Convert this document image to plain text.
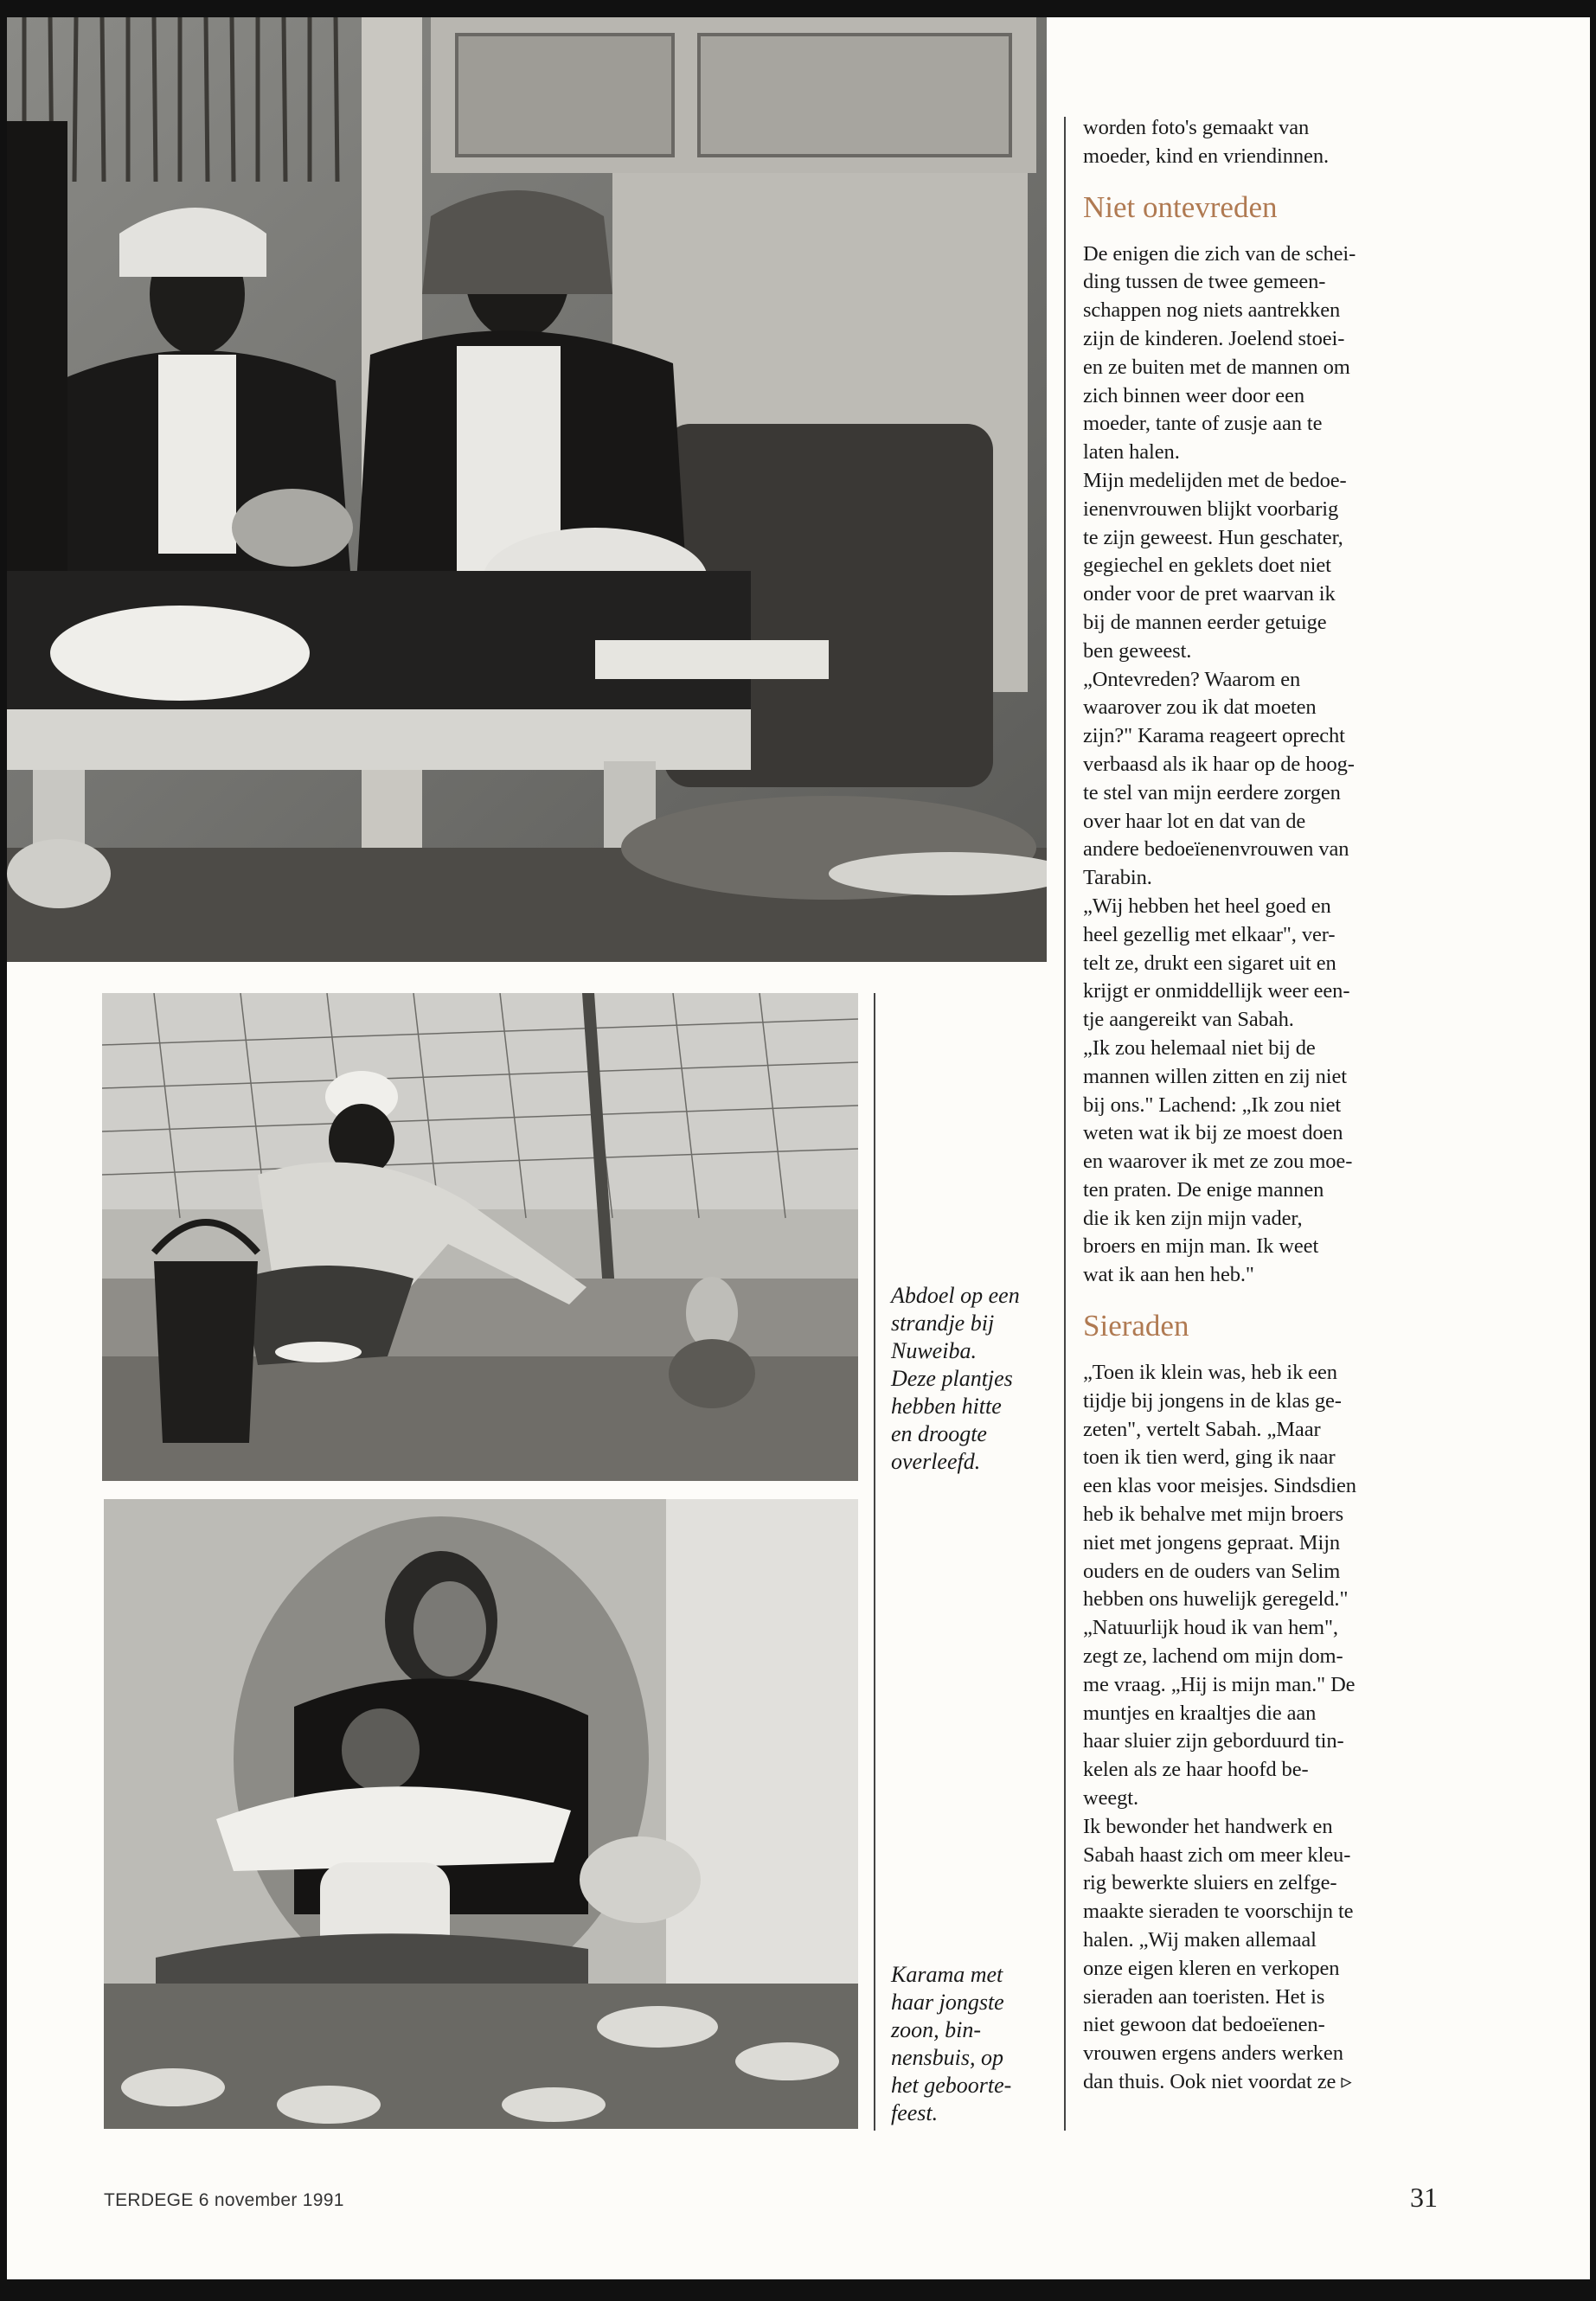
Abdoel op een
strandje bij
Nuweiba.
Deze plantjes
hebben hitte
en droogte
overleefd.
Karama met
haar jongste
zoon, bin-
nensbuis, op
het geboorte-
feest.
worden foto's gemaakt van
moeder, kind en vriendinnen.
Niet ontevreden
De enigen die zich van de schei-
ding tussen de twee gemeen-
schappen nog niets aantrekken
zijn de kinderen. Joelend stoei-
en ze buiten met de mannen om
zich binnen weer door een
moeder, tante of zusje aan te
laten halen.
Mijn medelijden met de bedoe-
ienenvrouwen blijkt voorbarig
te zijn geweest. Hun geschater,
gegiechel en geklets doet niet
onder voor de pret waarvan ik
bij de mannen eerder getuige
ben geweest.
„Ontevreden? Waarom en
waarover zou ik dat moeten
zijn?" Karama reageert oprecht
verbaasd als ik haar op de hoog-
te stel van mijn eerdere zorgen
over haar lot en dat van de
andere bedoeïenenvrouwen van
Tarabin.
„Wij hebben het heel goed en
heel gezellig met elkaar", ver-
telt ze, drukt een sigaret uit en
krijgt er onmiddellijk weer een-
tje aangereikt van Sabah.
„Ik zou helemaal niet bij de
mannen willen zitten en zij niet
bij ons." Lachend: „Ik zou niet
weten wat ik bij ze moest doen
en waarover ik met ze zou moe-
ten praten. De enige mannen
die ik ken zijn mijn vader,
broers en mijn man. Ik weet
wat ik aan hen heb."
Sieraden
„Toen ik klein was, heb ik een
tijdje bij jongens in de klas ge-
zeten", vertelt Sabah. „Maar
toen ik tien werd, ging ik naar
een klas voor meisjes. Sindsdien
heb ik behalve met mijn broers
niet met jongens gepraat. Mijn
ouders en de ouders van Selim
hebben ons huwelijk geregeld."
„Natuurlijk houd ik van hem",
zegt ze, lachend om mijn dom-
me vraag. „Hij is mijn man." De
muntjes en kraaltjes die aan
haar sluier zijn geborduurd tin-
kelen als ze haar hoofd be-
weegt.
Ik bewonder het handwerk en
Sabah haast zich om meer kleu-
rig bewerkte sluiers en zelfge-
maakte sieraden te voorschijn te
halen. „Wij maken allemaal
onze eigen kleren en verkopen
sieraden aan toeristen. Het is
niet gewoon dat bedoeïenen-
vrouwen ergens anders werken
dan thuis. Ook niet voordat ze ▹
TERDEGE 6 november 1991	31
